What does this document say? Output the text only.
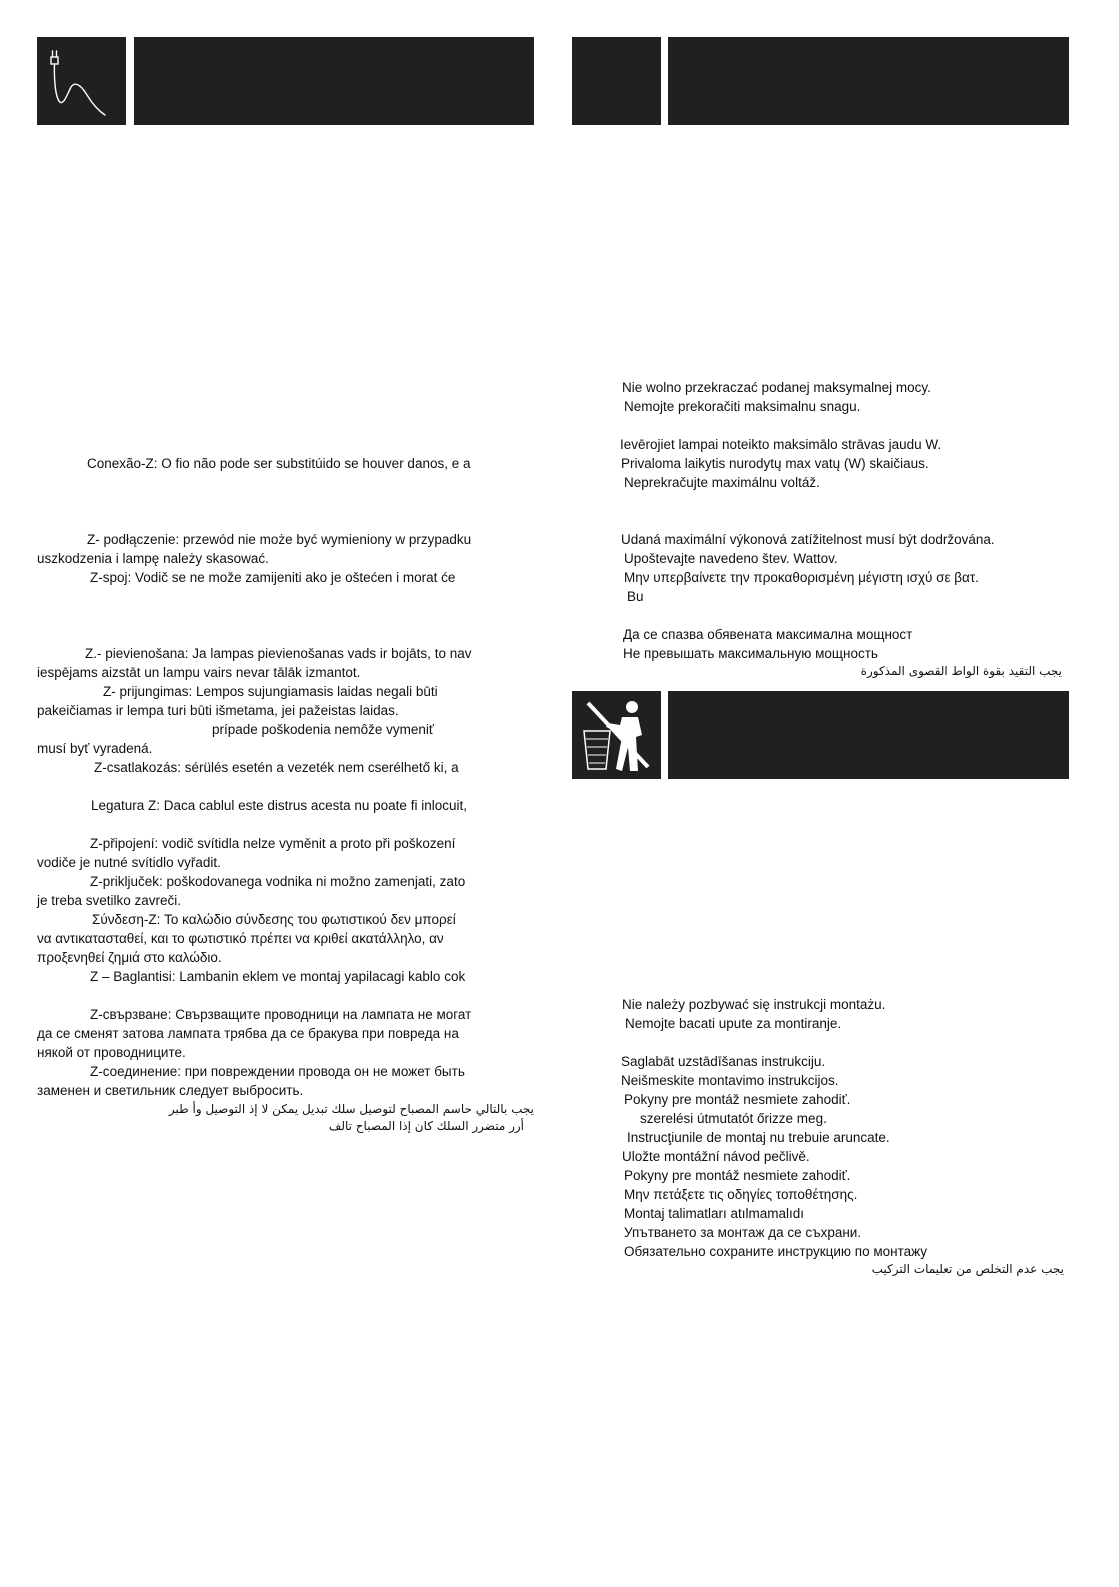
Conexão-Z: O fio não pode ser substitúido se houver danos, e a
Z- podłączenie: przewód nie może być wymieniony w przypadku
uszkodzenia i lampę należy skasować.
Z-spoj: Vodič se ne može zamijeniti ako je oštećen i morat će
Z.- pievienošana: Ja lampas pievienošanas vads ir bojāts, to nav
iespējams aizstāt un lampu vairs nevar tālāk izmantot.
Z- prijungimas: Lempos sujungiamasis laidas negali būti
pakeičiamas ir lempa turi būti išmetama, jei pažeistas laidas.
prípade poškodenia nemôže vymeniť
musí byť vyradená.
Z-csatlakozás: sérülés esetén a vezeték nem cserélhető ki, a
Legatura Z: Daca cablul este distrus acesta nu poate fi inlocuit,
Z-připojení: vodič svítidla nelze vyměnit a proto při poškození
vodiče je nutné svítidlo vyřadit.
Z-priključek: poškodovanega vodnika ni možno zamenjati, zato
je treba svetilko zavreči.
Σύνδεση-Z: Το καλώδιο σύνδεσης του φωτιστικού δεν μπορεί
να αντικατασταθεί, και το φωτιστικό πρέπει να κριθεί ακατάλληλο, αν
προξενηθεί ζημιά στο καλώδιο.
Z – Baglantisi: Lambanin eklem ve montaj yapilacagi kablo cok
Z-свързване: Свързващите проводници на лампата не могат
да се сменят затова лампата трябва да се бракува при повреда на
някой от проводниците.
Z-соединение: при повреждении провода он не может быть
заменен и светильник следует выбросить.
يجب بالتالي حاسم المصباح لتوصيل سلك تبديل يمكن لا إذ التوصيل وأ طبر
أرر متضرر السلك كان إذا المصباح تالف
Nie wolno przekraczać podanej maksymalnej mocy.
Nemojte prekoračiti maksimalnu snagu.
Ievērojiet lampai noteikto maksimālo strāvas jaudu W.
Privaloma laikytis nurodytų max vatų (W) skaičiaus.
Neprekračujte maximálnu voltáž.
Udaná maximální výkonová zatížitelnost musí být dodržována.
Upoštevajte navedeno štev. Wattov.
Μην υπερβαίνετε την προκαθορισμένη μέγιστη ισχύ σε βατ.
Bu
Да се спазва обявената максимална мощност
Не превышать максимальную мощность
يجب التقيد بقوة الواط القصوى المذكورة
Nie należy pozbywać się instrukcji montażu.
Nemojte bacati upute za montiranje.
Saglabāt uzstādīšanas instrukciju.
Neišmeskite montavimo instrukcijos.
Pokyny pre montáž nesmiete zahodiť.
szerelési útmutatót őrizze meg.
Instrucţiunile de montaj nu trebuie aruncate.
Uložte montážní návod pečlivě.
Pokyny pre montáž nesmiete zahodiť.
Μην πετάξετε τις οδηγίες τοποθέτησης.
Montaj talimatları atılmamalıdı
Упътването за монтаж да се съхрани.
Обязательно сохраните инструкцию по монтажу
يجب عدم التخلص من تعليمات التركيب
